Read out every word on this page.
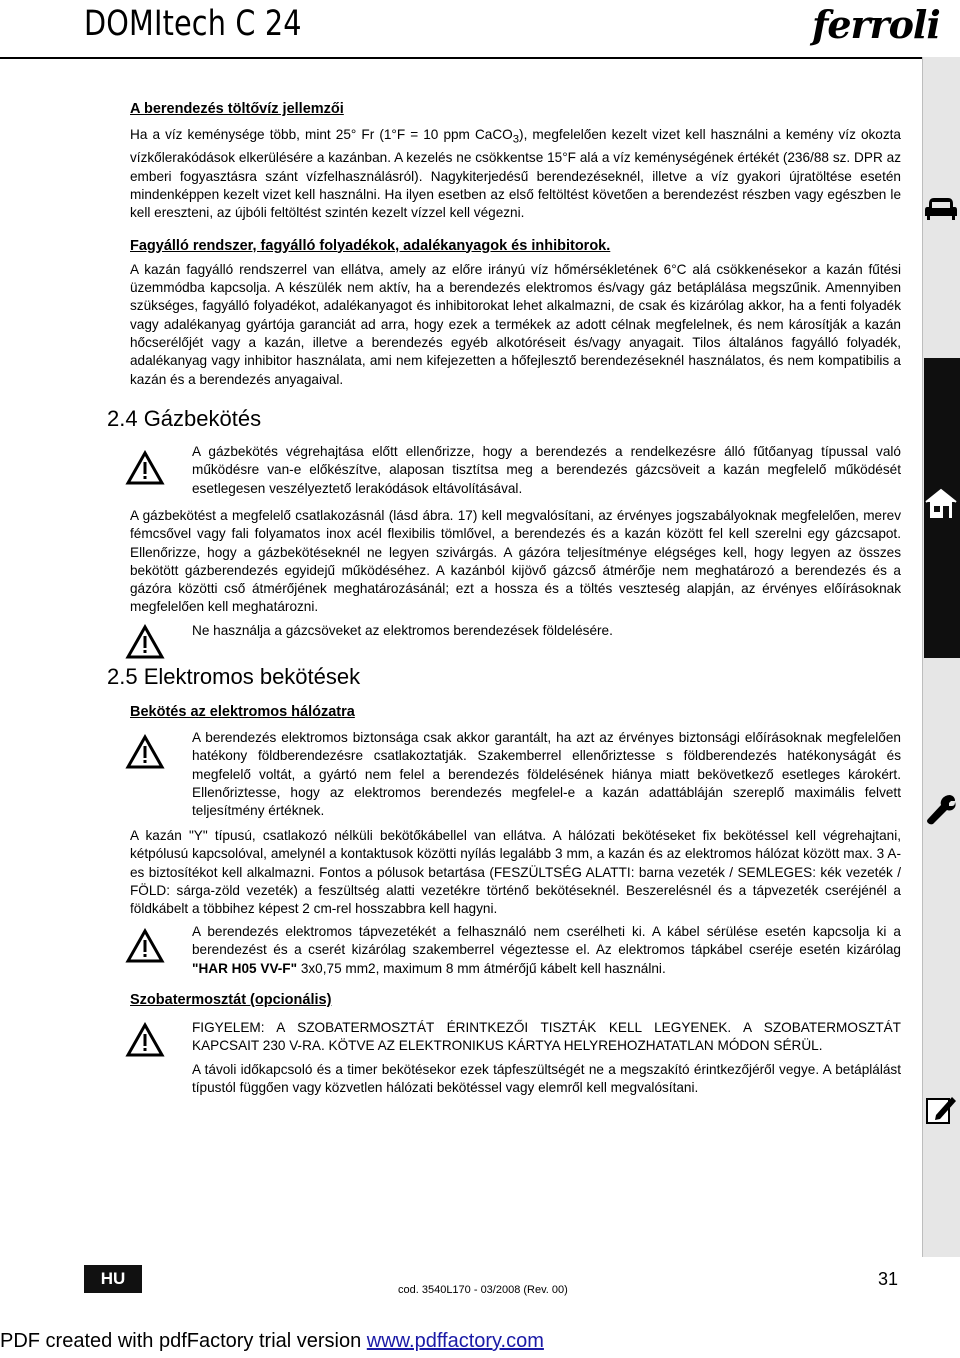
DOMItech C 24	ferroli
A berendezés töltővíz jellemzői

Ha a víz keménysége több, mint 25° Fr (1°F = 10 ppm CaCO$_3$), megfelelően kezelt vizet kell használni a kemény víz okozta vízkőlerakódások elkerülésére a kazánban. A kezelés ne csökkentse 15°F alá a víz keménységének értékét (236/88 sz. DPR az emberi fogyasztásra szánt vízfelhasználásról). Nagykiterjedésű berendezéseknél, illetve a víz gyakori újratöltése esetén mindenképpen kezelt vizet kell használni. Ha ilyen esetben az első feltöltést követően a berendezést részben vagy egészben le kell ereszteni, az újbóli feltöltést szintén kezelt vízzel kell végezni.

Fagyálló rendszer, fagyálló folyadékok, adalékanyagok és inhibitorok.

A kazán fagyálló rendszerrel van ellátva, amely az előre irányú víz hőmérsékletének 6°C alá csökkenésekor a kazán fűtési üzemmódba kapcsolja. A készülék nem aktív, ha a berendezés elektromos és/vagy gáz betáplálása megszűnik. Amennyiben szükséges, fagyálló folyadékot, adalékanyagot és inhibitorokat lehet alkalmazni, de csak és kizárólag akkor, ha a fenti folyadék vagy adalékanyag gyártója garanciát ad arra, hogy ezek a termékek az adott célnak megfelelnek, és nem károsítják a kazán hőcserélőjét vagy a kazán, illetve a berendezés egyéb alkotóréseit és/vagy anyagait. Tilos általános fagyálló folyadék, adalékanyag vagy inhibitor használata, ami nem kifejezetten a hőfejlesztő berendezéseknél használatos, és nem kompatibilis a kazán és a berendezés anyagaival.

2.4 Gázbekötés

A gázbekötés végrehajtása előtt ellenőrizze, hogy a berendezés a rendelkezésre álló fűtőanyag típussal való működésre van-e előkészítve, alaposan tisztítsa meg a berendezés gázcsöveit a kazán megfelelő működését esetlegesen veszélyeztető lerakódások eltávolításával.

A gázbekötést a megfelelő csatlakozásnál (lásd ábra. 17) kell megvalósítani, az érvényes jogszabályoknak megfelelően, merev fémcsővel vagy fali folyamatos inox acél flexibilis tömlővel, a berendezés és a kazán között fel kell szerelni egy gázcsapot. Ellenőrizze, hogy a gázbekötéseknél ne legyen szivárgás. A gázóra teljesítménye elégséges kell, hogy legyen az összes bekötött gázberendezés egyidejű működéséhez. A kazánból kijövő gázcső átmérője nem meghatározó a berendezés és a gázóra közötti cső átmérőjének meghatározásánál; ezt a hossza és a töltés veszteség alapján, az érvényes előírásoknak megfelelően kell meghatározni.

Ne használja a gázcsöveket az elektromos berendezések földelésére.

2.5 Elektromos bekötések
Bekötés az elektromos hálózatra

A berendezés elektromos biztonsága csak akkor garantált, ha azt az érvényes biztonsági előírásoknak megfelelően hatékony földberendezésre csatlakoztatják. Szakemberrel ellenőriztesse s földberendezés hatékonyságát és megfelelő voltát, a gyártó nem felel a berendezés földelésének hiánya miatt bekövetkező esetleges károkért. Ellenőriztesse, hogy az elektromos berendezés megfelel-e a kazán adattábláján szereplő maximális felvett teljesítmény értéknek.

A kazán "Y" típusú, csatlakozó nélküli bekötőkábellel van ellátva. A hálózati bekötéseket fix bekötéssel kell végrehajtani, kétpólusú kapcsolóval, amelynél a kontaktusok közötti nyílás legalább 3 mm, a kazán és az elektromos hálózat között max. 3 A-es biztosítékot kell alkalmazni. Fontos a pólusok betartása (FESZÜLTSÉG ALATTI: barna vezeték / SEMLEGES: kék vezeték / FÖLD: sárga-zöld vezeték) a feszültség alatti vezetékre történő bekötéseknél. Beszerelésnél és a tápvezeték cseréjénél a földkábelt a többihez képest 2 cm-rel hosszabbra kell hagyni.

A berendezés elektromos tápvezetékét a felhasználó nem cserélheti ki. A kábel sérülése esetén kapcsolja ki a berendezést és a cserét kizárólag szakemberrel végeztesse el. Az elektromos tápkábel cseréje esetén kizárólag "HAR H05 VV-F" 3x0,75 mm2, maximum 8 mm átmérőjű kábelt kell használni.

Szobatermosztát (opcionális)

FIGYELEM: A SZOBATERMOSZTÁT ÉRINTKEZŐI TISZTÁK KELL LEGYENEK. A SZOBATERMOSZTÁT KAPCSAIT 230 V-RA. KÖTVE AZ ELEKTRONIKUS KÁRTYA HELYREHOZHATATLAN MÓDON SÉRÜL.

A távoli időkapcsoló és a timer bekötésekor ezek tápfeszültségét ne a megszakító érintkezőjéről vegye. A betáplálást típustól függően vagy közvetlen hálózati bekötéssel vagy elemről kell megvalósítani.

HU
cod. 3540L170 - 03/2008 (Rev. 00)
31
PDF created with pdfFactory trial version www.pdffactory.com
